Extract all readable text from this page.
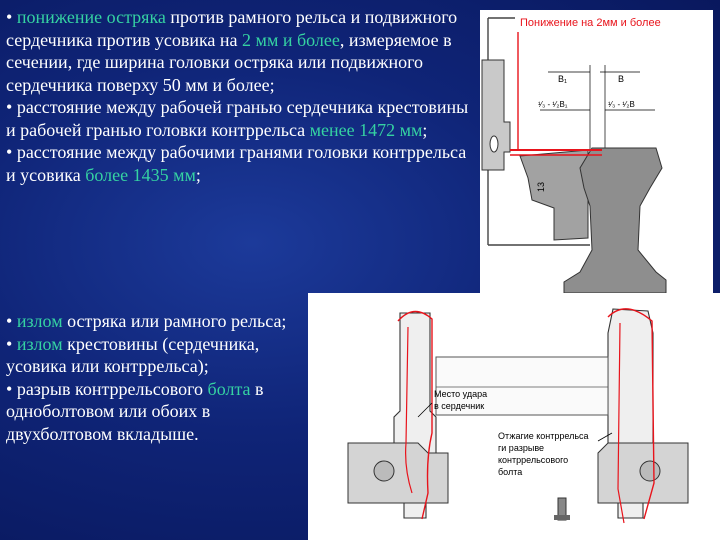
• понижение остряка против рамного рельса и подвижного сердечника против усовика на 2 мм и более, измеряемое в сечении, где ширина головки остряка или подвижного сердечника поверху 50 мм и более;
• расстояние между рабочей гранью сердечника крестовины и рабочей гранью головки контррельса менее 1472 мм;
• расстояние между рабочими гранями головки контррельса и усовика более 1435 мм;
• излом остряка или рамного рельса;
• излом крестовины (сердечника, усовика или контррельса);
• разрыв контррельсового болта в одноболтовом или обоих в двухболтовом вкладыше.
Понижение на 2мм и более
B₁	B
¹⁄₃ - ¹⁄₂B₁	¹⁄₃ - ¹⁄₂B
13
Место удара
в сердечник
Отжагие контррельса
ги разрыве
контррельсового
болта
